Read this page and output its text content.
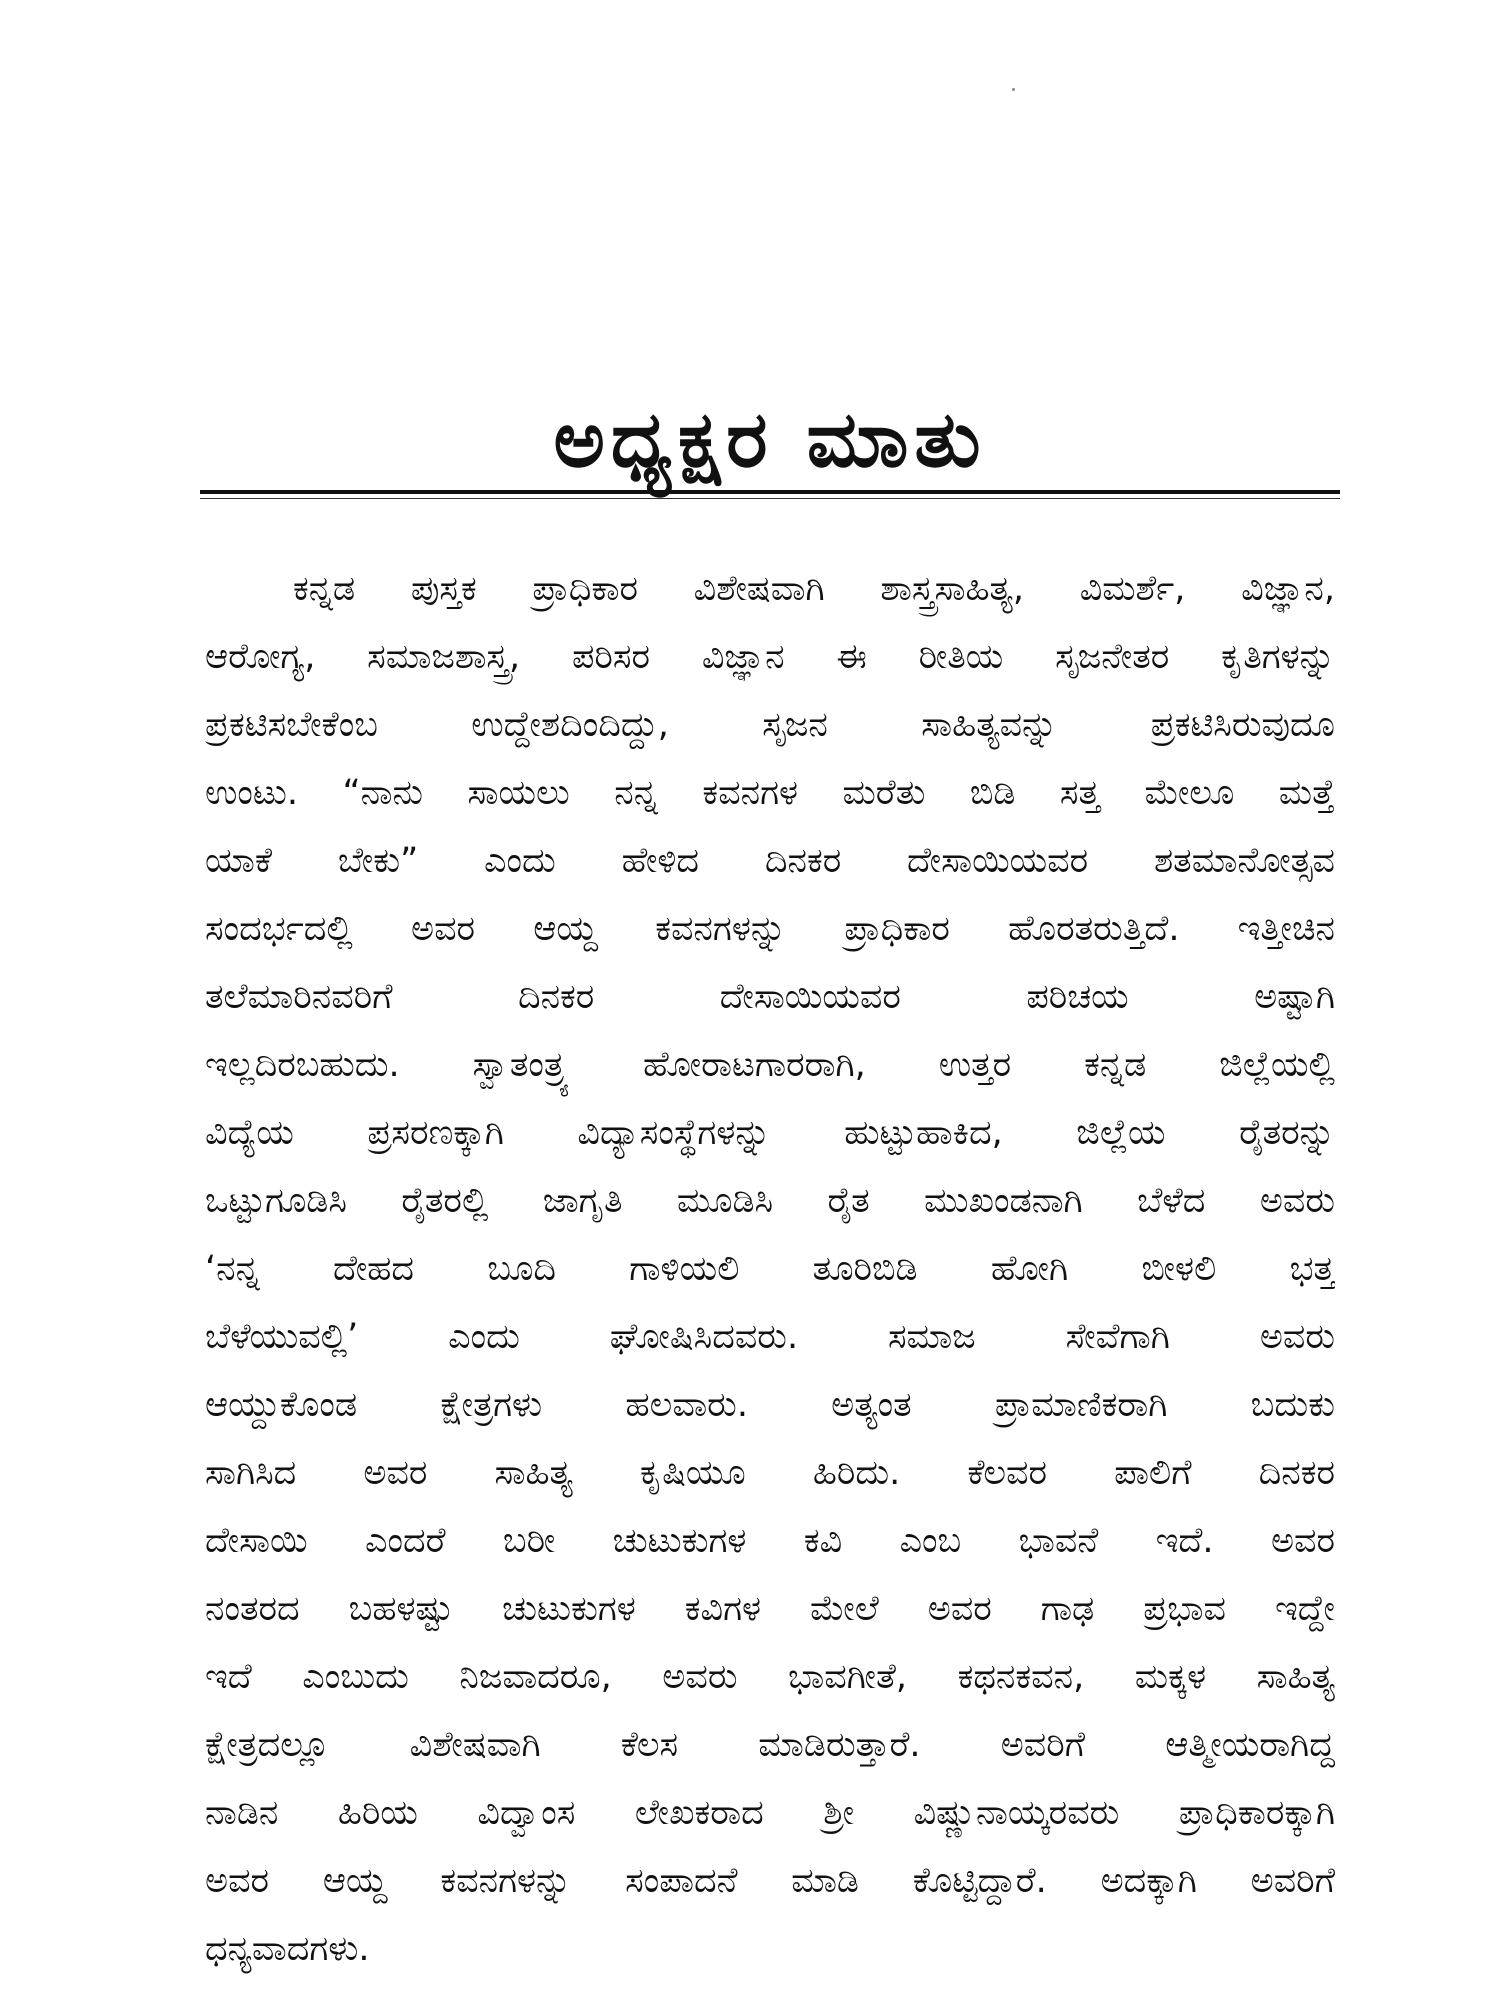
ಅಧ್ಯಕ್ಷರ ಮಾತು
ಕನ್ನಡ ಪುಸ್ತಕ ಪ್ರಾಧಿಕಾರ ವಿಶೇಷವಾಗಿ ಶಾಸ್ತ್ರಸಾಹಿತ್ಯ, ವಿಮರ್ಶೆ, ವಿಜ್ಞಾನ,
ಆರೋಗ್ಯ, ಸಮಾಜಶಾಸ್ತ್ರ, ಪರಿಸರ ವಿಜ್ಞಾನ ಈ ರೀತಿಯ ಸೃಜನೇತರ ಕೃತಿಗಳನ್ನು
ಪ್ರಕಟಿಸಬೇಕೆಂಬ ಉದ್ದೇಶದಿಂದಿದ್ದು, ಸೃಜನ ಸಾಹಿತ್ಯವನ್ನು ಪ್ರಕಟಿಸಿರುವುದೂ
ಉಂಟು. “ನಾನು ಸಾಯಲು ನನ್ನ ಕವನಗಳ ಮರೆತು ಬಿಡಿ ಸತ್ತ ಮೇಲೂ ಮತ್ತೆ
ಯಾಕೆ ಬೇಕು” ಎಂದು ಹೇಳಿದ ದಿನಕರ ದೇಸಾಯಿಯವರ ಶತಮಾನೋತ್ಸವ
ಸಂದರ್ಭದಲ್ಲಿ ಅವರ ಆಯ್ದ ಕವನಗಳನ್ನು ಪ್ರಾಧಿಕಾರ ಹೊರತರುತ್ತಿದೆ. ಇತ್ತೀಚಿನ
ತಲೆಮಾರಿನವರಿಗೆ ದಿನಕರ ದೇಸಾಯಿಯವರ ಪರಿಚಯ ಅಷ್ಟಾಗಿ
ಇಲ್ಲದಿರಬಹುದು. ಸ್ವಾತಂತ್ರ್ಯ ಹೋರಾಟಗಾರರಾಗಿ, ಉತ್ತರ ಕನ್ನಡ ಜಿಲ್ಲೆಯಲ್ಲಿ
ವಿದ್ಯೆಯ ಪ್ರಸರಣಕ್ಕಾಗಿ ವಿದ್ಯಾಸಂಸ್ಥೆಗಳನ್ನು ಹುಟ್ಟುಹಾಕಿದ, ಜಿಲ್ಲೆಯ ರೈತರನ್ನು
ಒಟ್ಟುಗೂಡಿಸಿ ರೈತರಲ್ಲಿ ಜಾಗೃತಿ ಮೂಡಿಸಿ ರೈತ ಮುಖಂಡನಾಗಿ ಬೆಳೆದ ಅವರು
‘ನನ್ನ ದೇಹದ ಬೂದಿ ಗಾಳಿಯಲಿ ತೂರಿಬಿಡಿ ಹೋಗಿ ಬೀಳಲಿ ಭತ್ತ
ಬೆಳೆಯುವಲ್ಲಿ’ ಎಂದು ಘೋಷಿಸಿದವರು. ಸಮಾಜ ಸೇವೆಗಾಗಿ ಅವರು
ಆಯ್ದುಕೊಂಡ ಕ್ಷೇತ್ರಗಳು ಹಲವಾರು. ಅತ್ಯಂತ ಪ್ರಾಮಾಣಿಕರಾಗಿ ಬದುಕು
ಸಾಗಿಸಿದ ಅವರ ಸಾಹಿತ್ಯ ಕೃಷಿಯೂ ಹಿರಿದು. ಕೆಲವರ ಪಾಲಿಗೆ ದಿನಕರ
ದೇಸಾಯಿ ಎಂದರೆ ಬರೀ ಚುಟುಕುಗಳ ಕವಿ ಎಂಬ ಭಾವನೆ ಇದೆ. ಅವರ
ನಂತರದ ಬಹಳಷ್ಟು ಚುಟುಕುಗಳ ಕವಿಗಳ ಮೇಲೆ ಅವರ ಗಾಢ ಪ್ರಭಾವ ಇದ್ದೇ
ಇದೆ ಎಂಬುದು ನಿಜವಾದರೂ, ಅವರು ಭಾವಗೀತೆ, ಕಥನಕವನ, ಮಕ್ಕಳ ಸಾಹಿತ್ಯ
ಕ್ಷೇತ್ರದಲ್ಲೂ ವಿಶೇಷವಾಗಿ ಕೆಲಸ ಮಾಡಿರುತ್ತಾರೆ. ಅವರಿಗೆ ಆತ್ಮೀಯರಾಗಿದ್ದ
ನಾಡಿನ ಹಿರಿಯ ವಿದ್ವಾಂಸ ಲೇಖಕರಾದ ಶ್ರೀ ವಿಷ್ಣುನಾಯ್ಕರವರು ಪ್ರಾಧಿಕಾರಕ್ಕಾಗಿ
ಅವರ ಆಯ್ದ ಕವನಗಳನ್ನು ಸಂಪಾದನೆ ಮಾಡಿ ಕೊಟ್ಟಿದ್ದಾರೆ. ಅದಕ್ಕಾಗಿ ಅವರಿಗೆ
ಧನ್ಯವಾದಗಳು.
